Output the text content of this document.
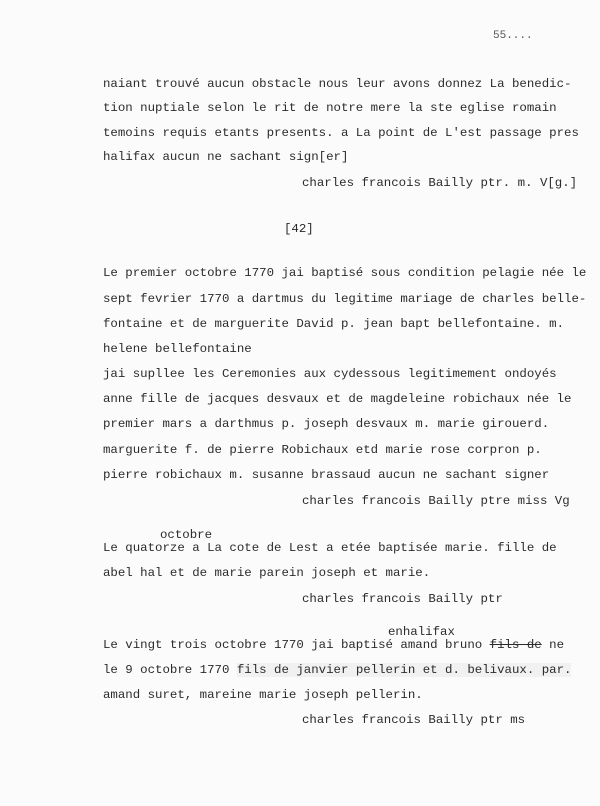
55....
naiant trouvé aucun obstacle nous leur avons donnez La benedic-
tion nuptiale selon le rit de notre mere la ste eglise romain
temoins requis etants presents. a La point de L'est passage pres
halifax aucun ne sachant sign[er]
charles francois Bailly ptr. m. V[g.]
[42]
Le premier octobre 1770 jai baptisé sous condition pelagie née le
sept fevrier 1770 a dartmus du legitime mariage de charles belle-
fontaine et de marguerite David p. jean bapt bellefontaine. m.
helene bellefontaine
jai supllee les Ceremonies aux cydessous legitimement ondoyés
anne fille de jacques desvaux et de magdeleine robichaux née le
premier mars a darthmus p. joseph desvaux m. marie girouerd.
marguerite f. de pierre Robichaux etd marie rose corpron p.
pierre robichaux m. susanne brassaud aucun ne sachant signer
charles francois Bailly ptre miss Vg
octobre
Le quatorze a La cote de Lest a etée baptisée marie. fille de
abel hal et de marie parein joseph et marie.
charles francois Bailly ptr
enhalifax
Le vingt trois octobre 1770 jai baptisé amand bruno fils de ne
le 9 octobre 1770 fils de janvier pellerin et d. belivaux. par.
amand suret, mareine marie joseph pellerin.
charles francois Bailly ptr ms
